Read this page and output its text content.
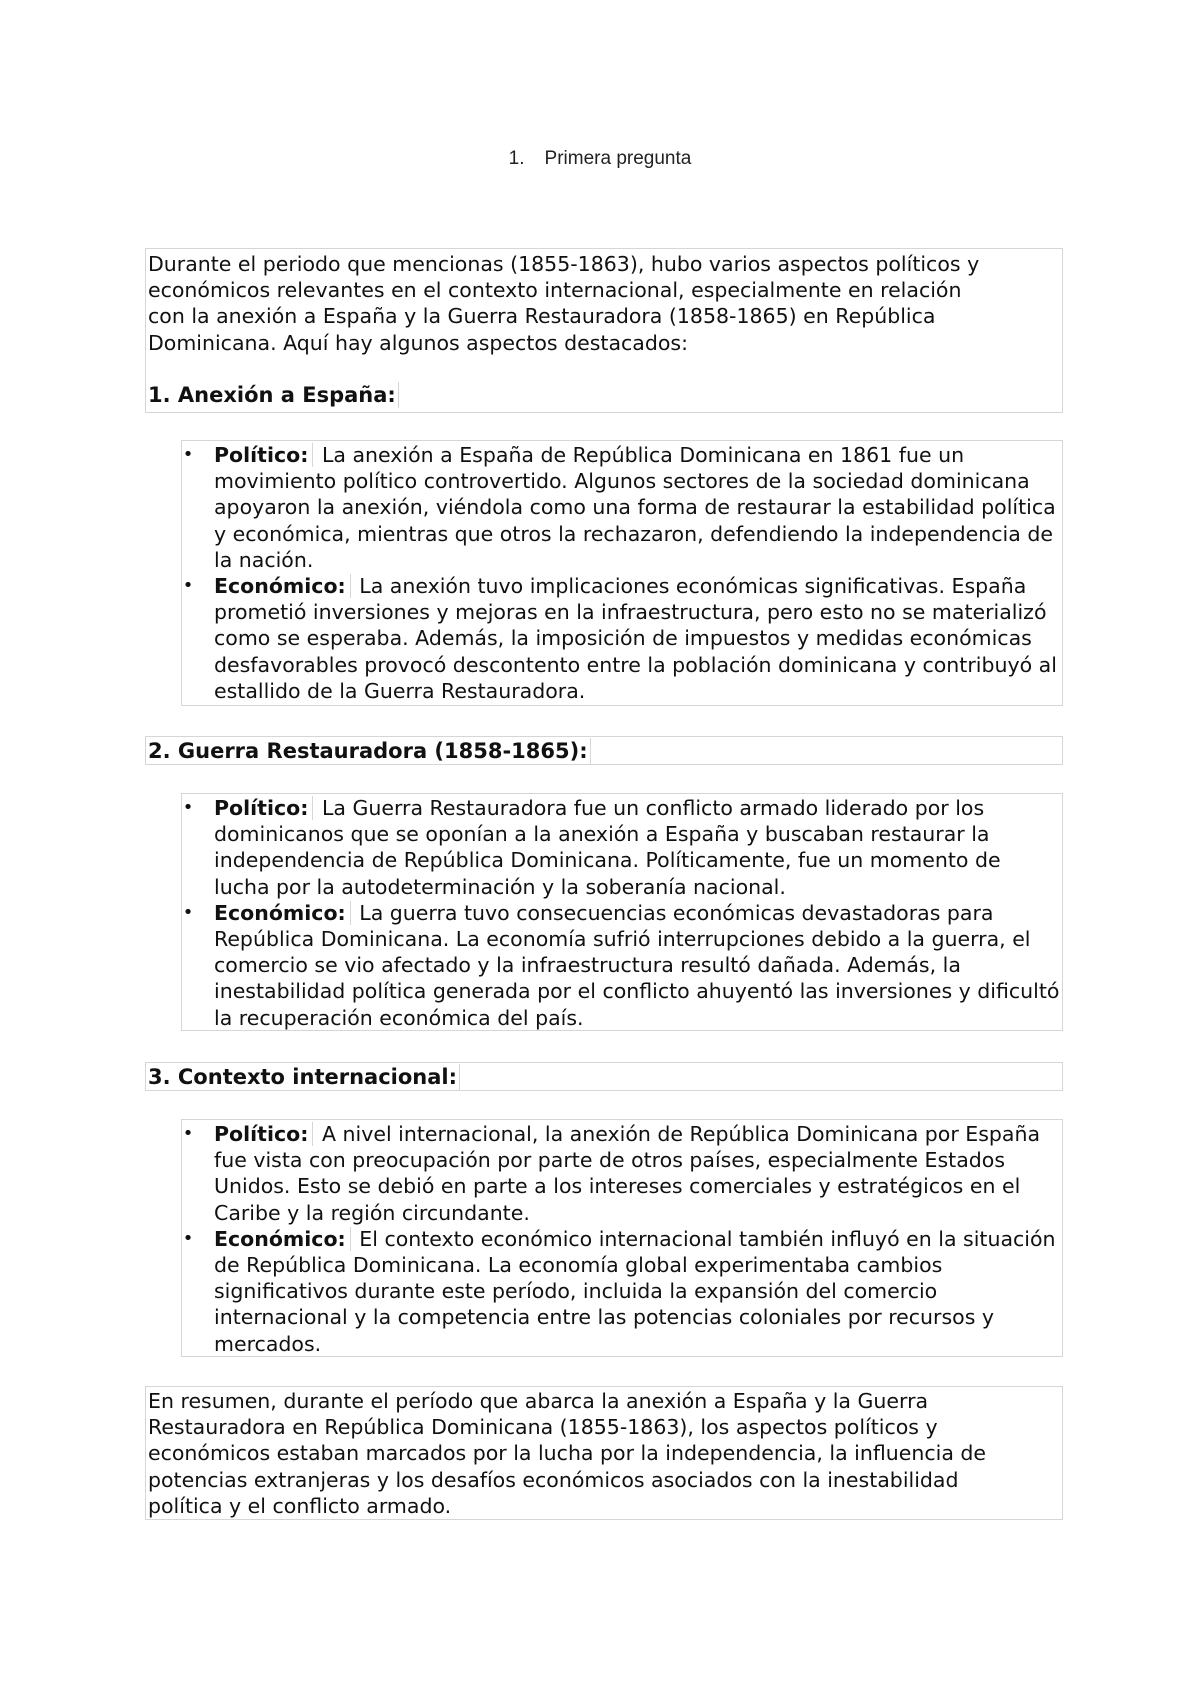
1. Primera pregunta

Durante el periodo que mencionas (1855-1863), hubo varios aspectos políticos y
económicos relevantes en el contexto internacional, especialmente en relación
con la anexión a España y la Guerra Restauradora (1858-1865) en República
Dominicana. Aquí hay algunos aspectos destacados:

1. Anexión a España:
• Político: La anexión a España de República Dominicana en 1861 fue un movimiento político controvertido. Algunos sectores de la sociedad dominicana apoyaron la anexión, viéndola como una forma de restaurar la estabilidad política y económica, mientras que otros la rechazaron, defendiendo la independencia de la nación.
• Económico: La anexión tuvo implicaciones económicas significativas. España prometió inversiones y mejoras en la infraestructura, pero esto no se materializó como se esperaba. Además, la imposición de impuestos y medidas económicas desfavorables provocó descontento entre la población dominicana y contribuyó al estallido de la Guerra Restauradora.
2. Guerra Restauradora (1858-1865):
• Político: La Guerra Restauradora fue un conflicto armado liderado por los dominicanos que se oponían a la anexión a España y buscaban restaurar la independencia de República Dominicana. Políticamente, fue un momento de lucha por la autodeterminación y la soberanía nacional.
• Económico: La guerra tuvo consecuencias económicas devastadoras para República Dominicana. La economía sufrió interrupciones debido a la guerra, el comercio se vio afectado y la infraestructura resultó dañada. Además, la inestabilidad política generada por el conflicto ahuyentó las inversiones y dificultó la recuperación económica del país.
3. Contexto internacional:
• Político: A nivel internacional, la anexión de República Dominicana por España fue vista con preocupación por parte de otros países, especialmente Estados Unidos. Esto se debió en parte a los intereses comerciales y estratégicos en el Caribe y la región circundante.
• Económico: El contexto económico internacional también influyó en la situación de República Dominicana. La economía global experimentaba cambios significativos durante este período, incluida la expansión del comercio internacional y la competencia entre las potencias coloniales por recursos y mercados.

En resumen, durante el período que abarca la anexión a España y la Guerra
Restauradora en República Dominicana (1855-1863), los aspectos políticos y
económicos estaban marcados por la lucha por la independencia, la influencia de
potencias extranjeras y los desafíos económicos asociados con la inestabilidad
política y el conflicto armado.
